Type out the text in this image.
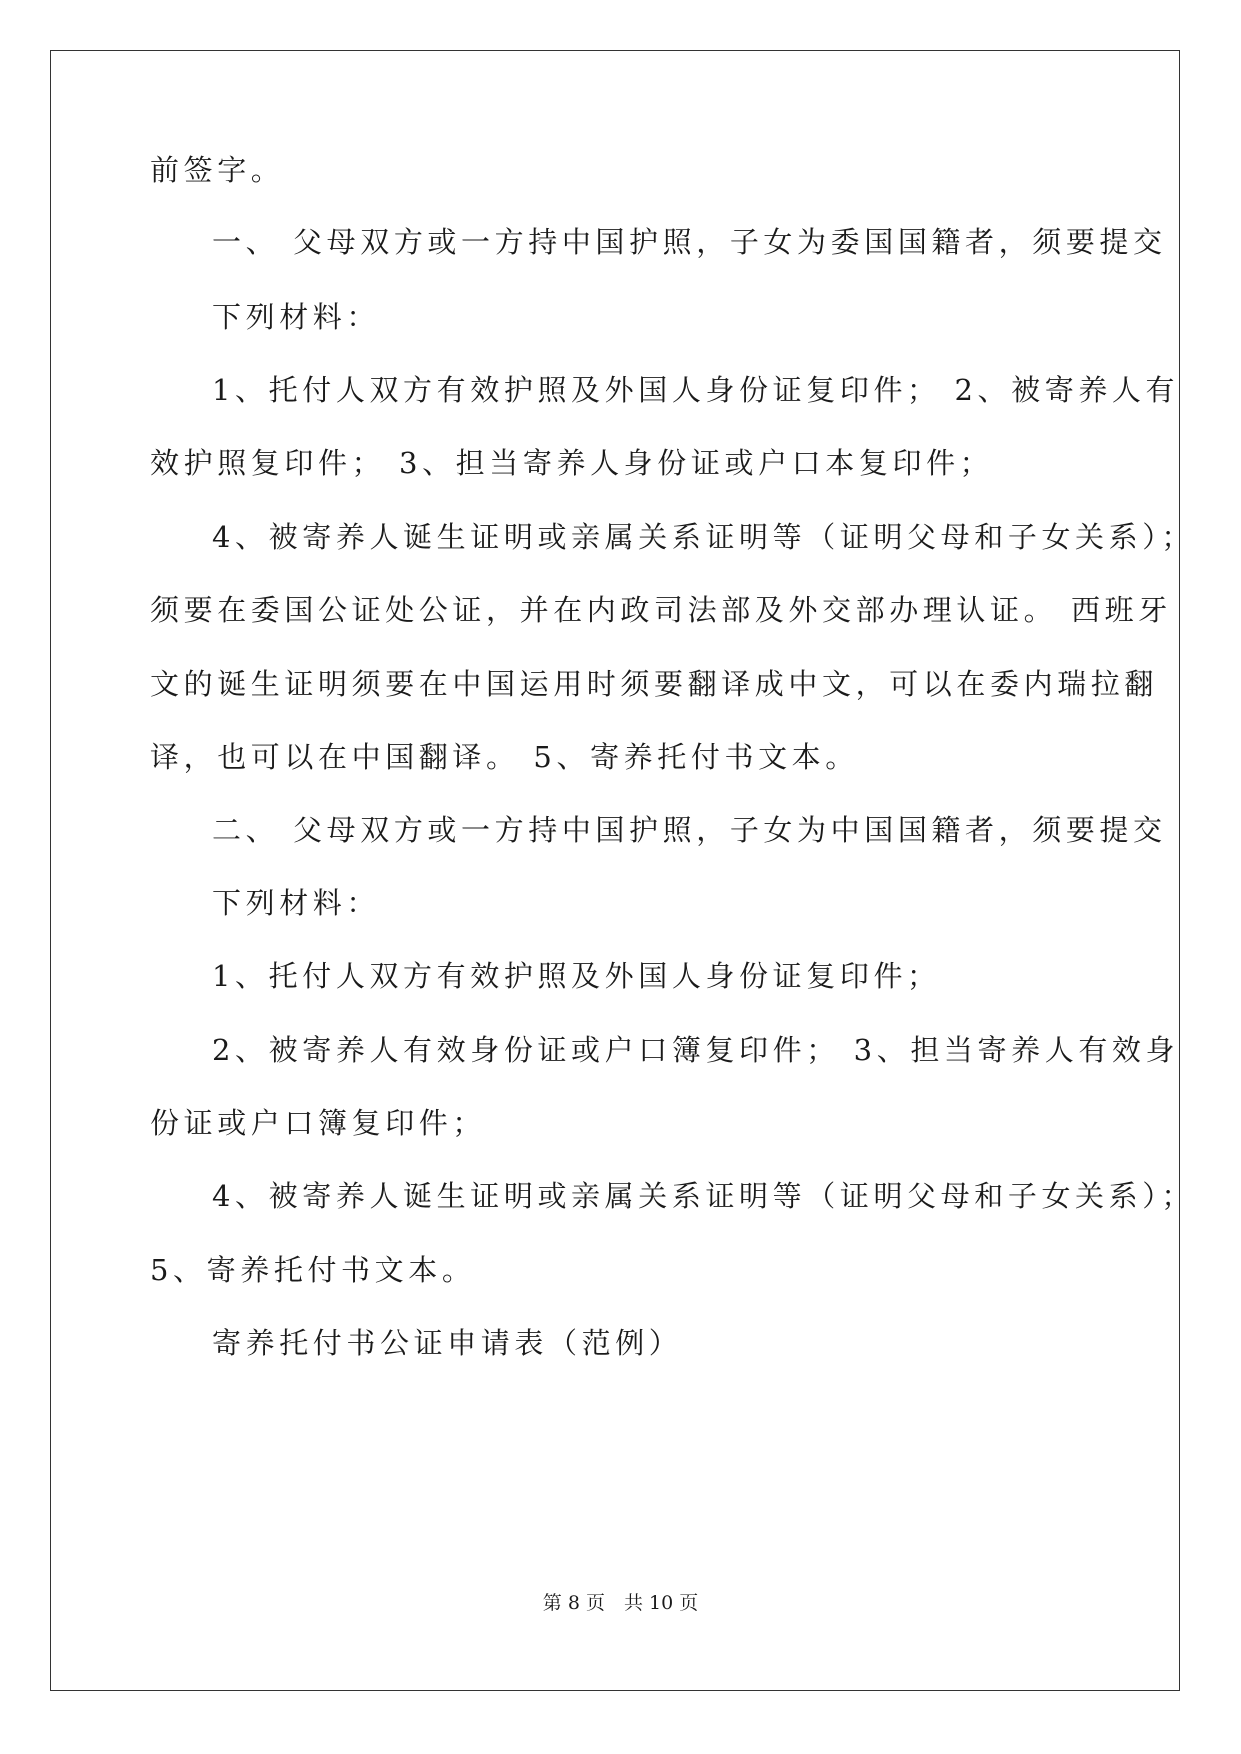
前签字。
一、 父母双方或一方持中国护照，子女为委国国籍者，须要提交
下列材料：
1、托付人双方有效护照及外国人身份证复印件； 2、被寄养人有
效护照复印件； 3、担当寄养人身份证或户口本复印件；
4、被寄养人诞生证明或亲属关系证明等（证明父母和子女关系）；
须要在委国公证处公证，并在内政司法部及外交部办理认证。 西班牙
文的诞生证明须要在中国运用时须要翻译成中文，可以在委内瑞拉翻
译，也可以在中国翻译。 5、寄养托付书文本。
二、 父母双方或一方持中国护照，子女为中国国籍者，须要提交
下列材料：
1、托付人双方有效护照及外国人身份证复印件；
2、被寄养人有效身份证或户口簿复印件； 3、担当寄养人有效身
份证或户口簿复印件；
4、被寄养人诞生证明或亲属关系证明等（证明父母和子女关系）；
5、寄养托付书文本。
寄养托付书公证申请表（范例）
第 8 页　共 10 页
